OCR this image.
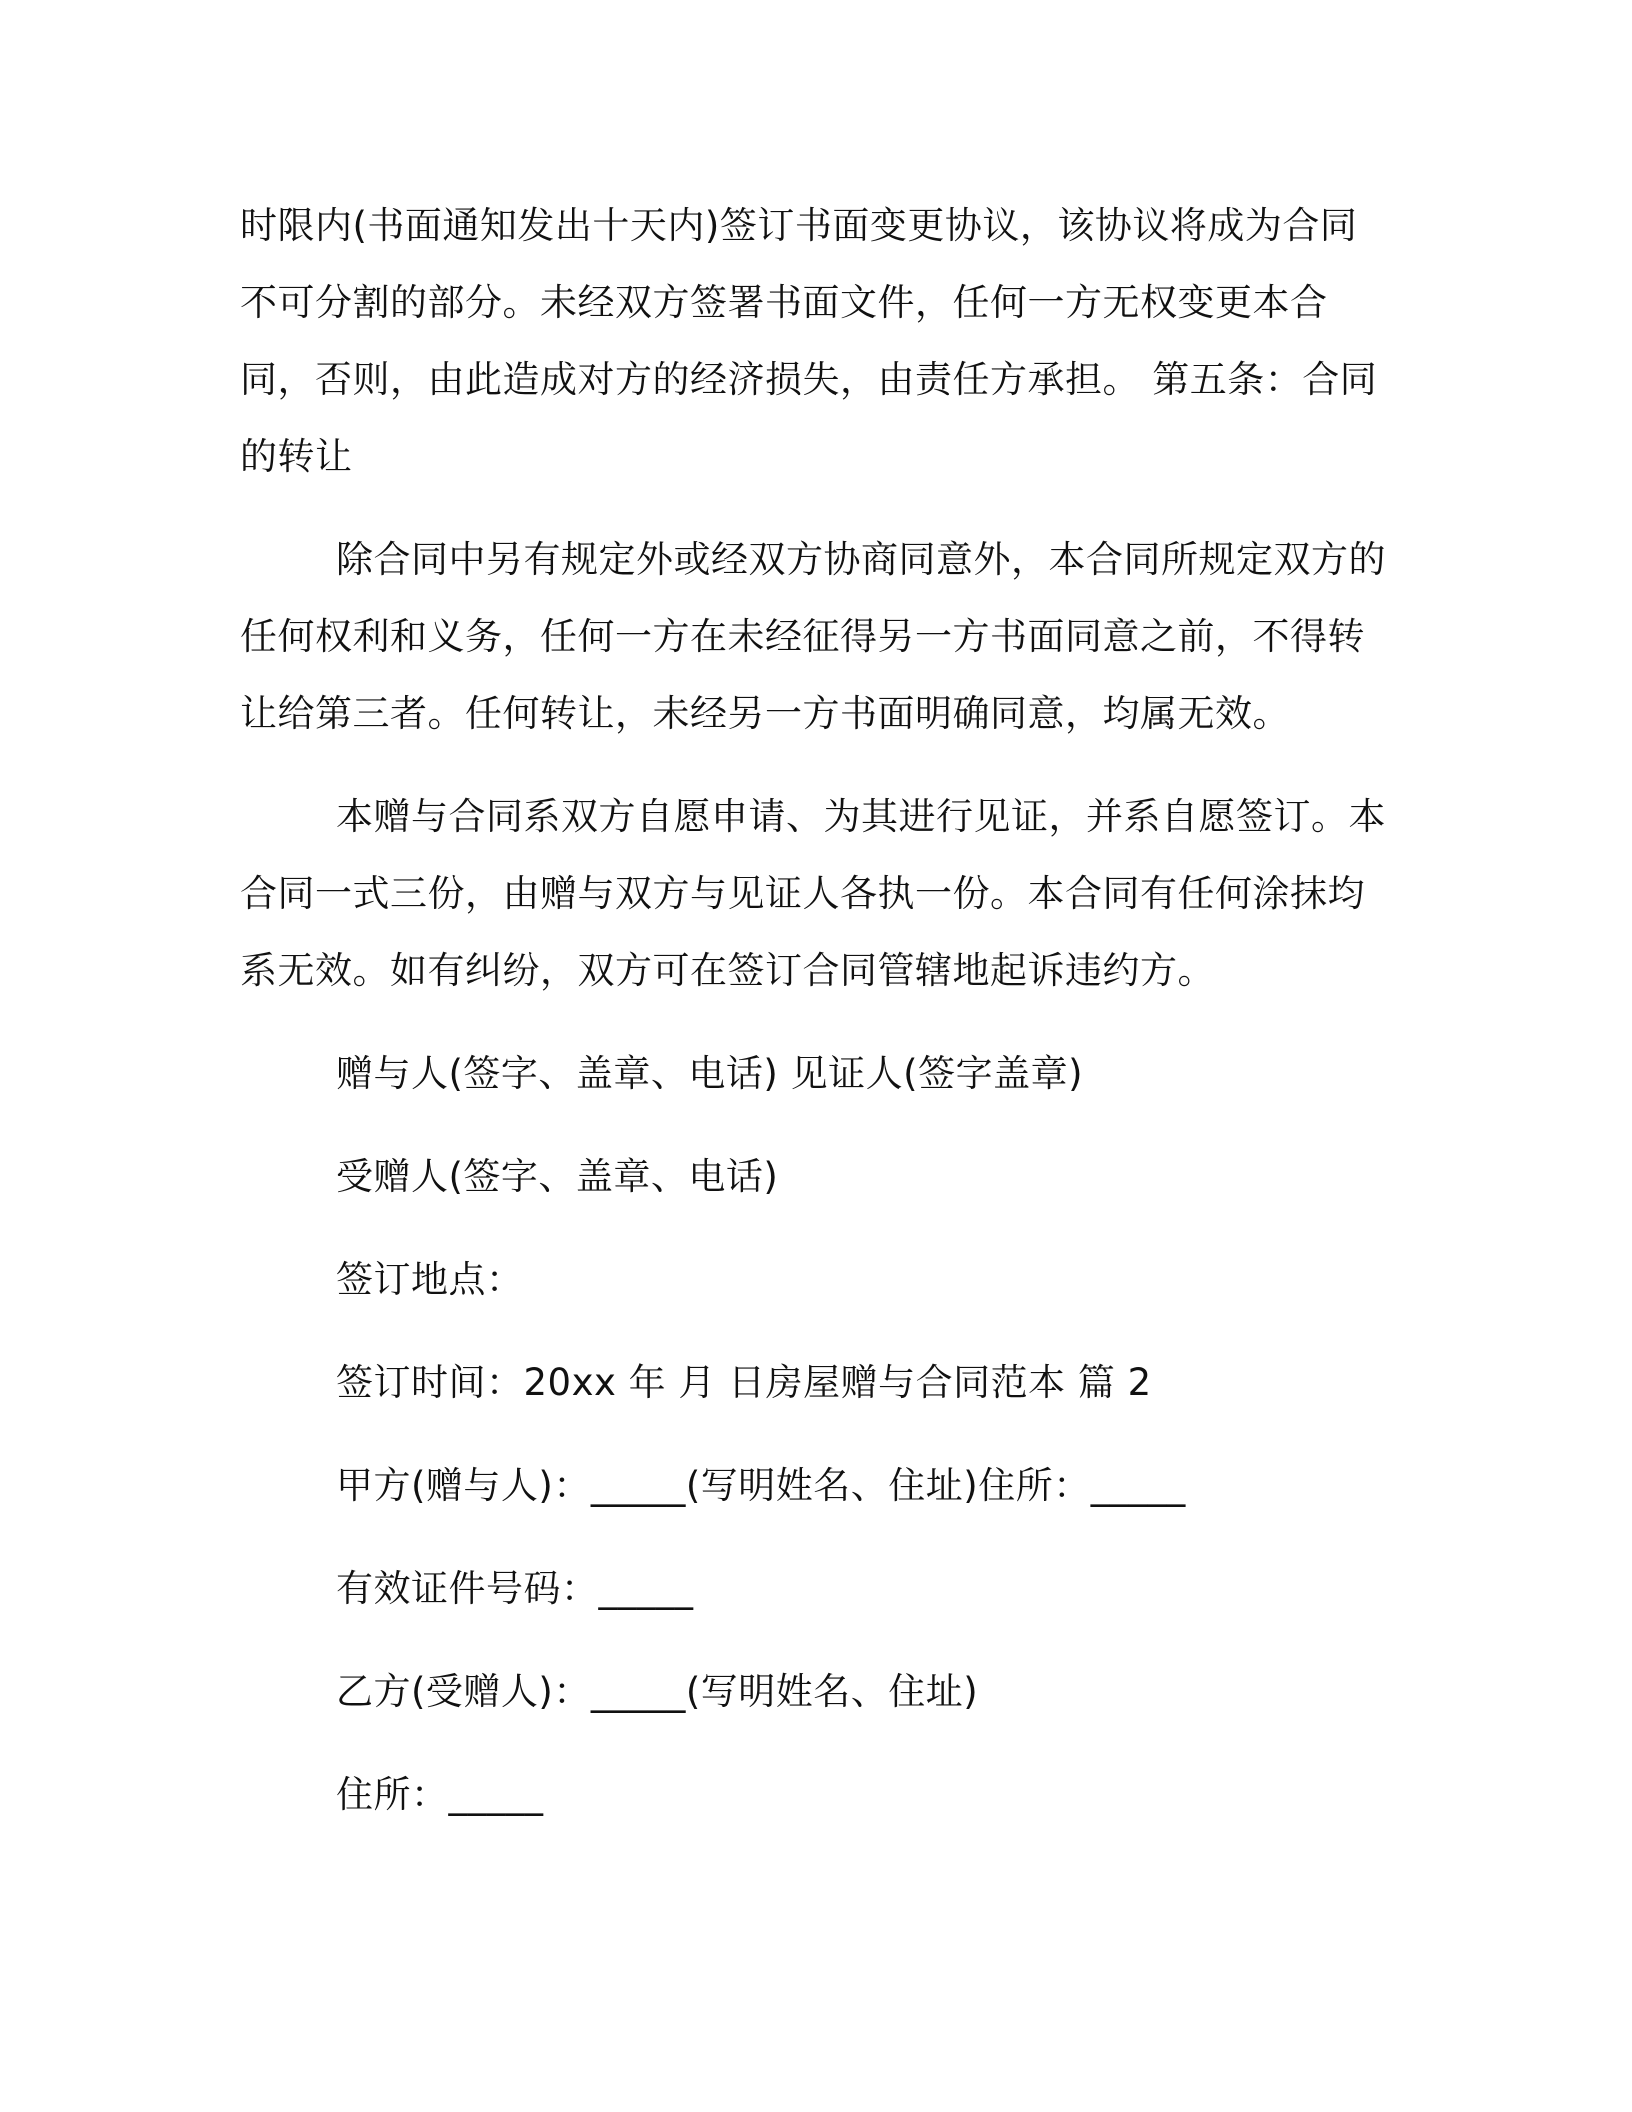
时限内(书面通知发出十天内)签订书面变更协议，该协议将成为合同不可分割的部分。未经双方签署书面文件，任何一方无权变更本合同，否则，由此造成对方的经济损失，由责任方承担。 第五条：合同的转让

除合同中另有规定外或经双方协商同意外，本合同所规定双方的任何权利和义务，任何一方在未经征得另一方书面同意之前，不得转让给第三者。任何转让，未经另一方书面明确同意，均属无效。

本赠与合同系双方自愿申请、为其进行见证，并系自愿签订。本合同一式三份，由赠与双方与见证人各执一份。本合同有任何涂抹均系无效。如有纠纷，双方可在签订合同管辖地起诉违约方。

赠与人(签字、盖章、电话) 见证人(签字盖章)

受赠人(签字、盖章、电话)

签订地点：

签订时间：20xx 年 月 日房屋赠与合同范本 篇 2

甲方(赠与人)：_____(写明姓名、住址)住所：_____

有效证件号码：_____

乙方(受赠人)：_____(写明姓名、住址)

住所：_____
